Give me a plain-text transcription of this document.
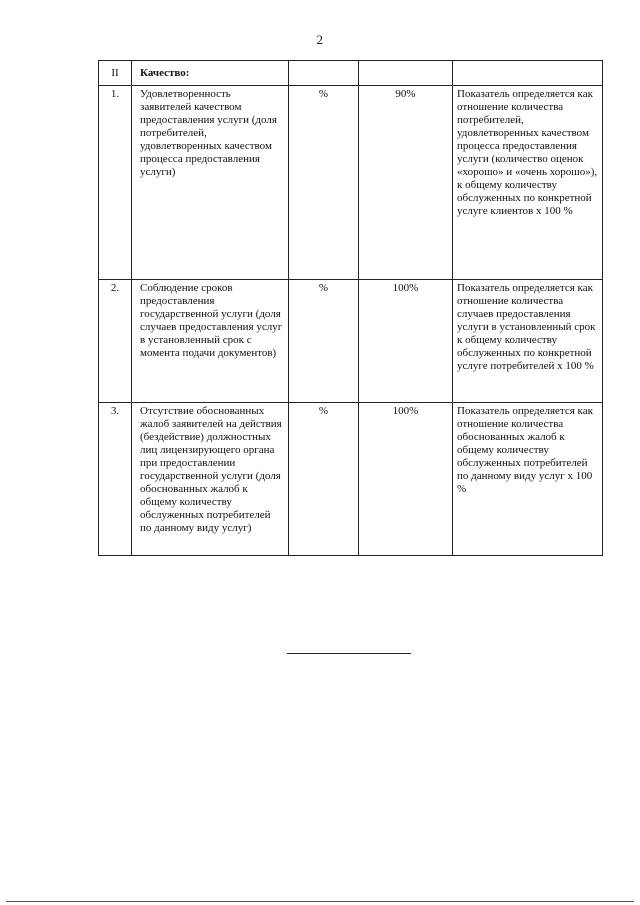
2
II	Качество:			
1.	Удовлетворенность заявителей качеством предоставления услуги (доля потребителей, удовлетворенных качеством процесса предоставления услуги)	%	90%	Показатель определяется как отношение количества потребителей, удовлетворенных качеством процесса предоставления услуги (количество оценок «хорошо» и «очень хорошо»), к общему количеству обслуженных по конкретной услуге клиентов х 100 %
2.	Соблюдение сроков предоставления государственной услуги (доля случаев предоставления услуг в установленный срок с момента подачи документов)	%	100%	Показатель определяется как отношение количества случаев предоставления услуги в установленный срок к общему количеству обслуженных по конкретной услуге потребителей х 100 %
3.	Отсутствие обоснованных жалоб заявителей на действия (бездействие) должностных лиц лицензирующего органа при предоставлении государственной услуги (доля обоснованных жалоб к общему количеству обслуженных потребителей по данному виду услуг)	%	100%	Показатель определяется как отношение количества обоснованных жалоб к общему количеству обслуженных потребителей по данному виду услуг х 100 %
